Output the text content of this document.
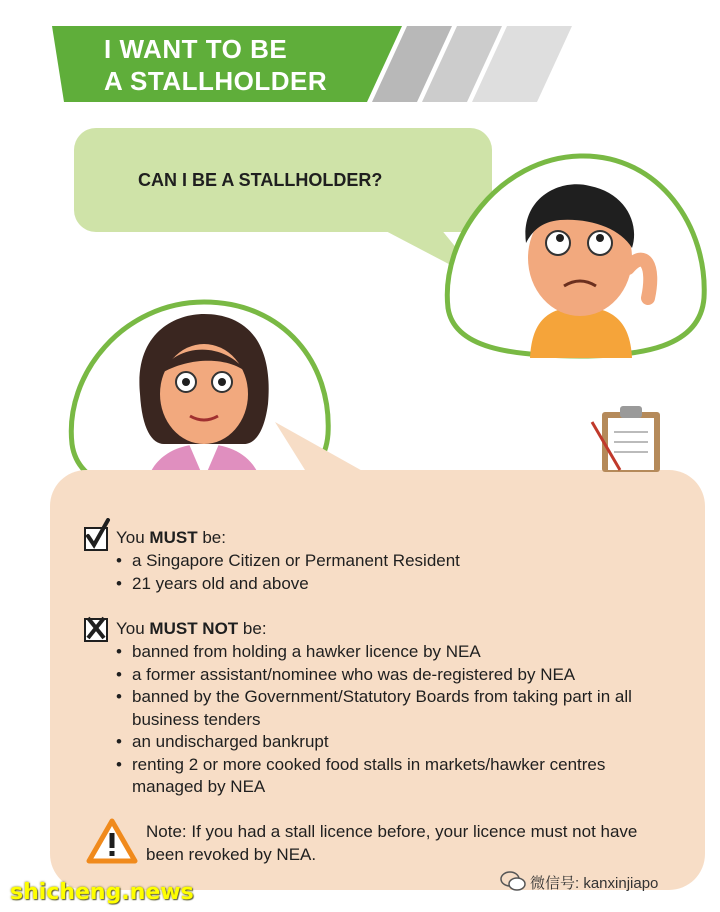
I WANT TO BE
A STALLHOLDER
CAN I BE A STALLHOLDER?
You MUST be:
• a Singapore Citizen or Permanent Resident
• 21 years old and above
You MUST NOT be:
• banned from holding a hawker licence by NEA
• a former assistant/nominee who was de-registered by NEA
• banned by the Government/Statutory Boards from taking part in all business tenders
• an undischarged bankrupt
• renting 2 or more cooked food stalls in markets/hawker centres managed by NEA
Note: If you had a stall licence before, your licence must not have been revoked by NEA.
shicheng.news	微信号: kanxinjiapo
